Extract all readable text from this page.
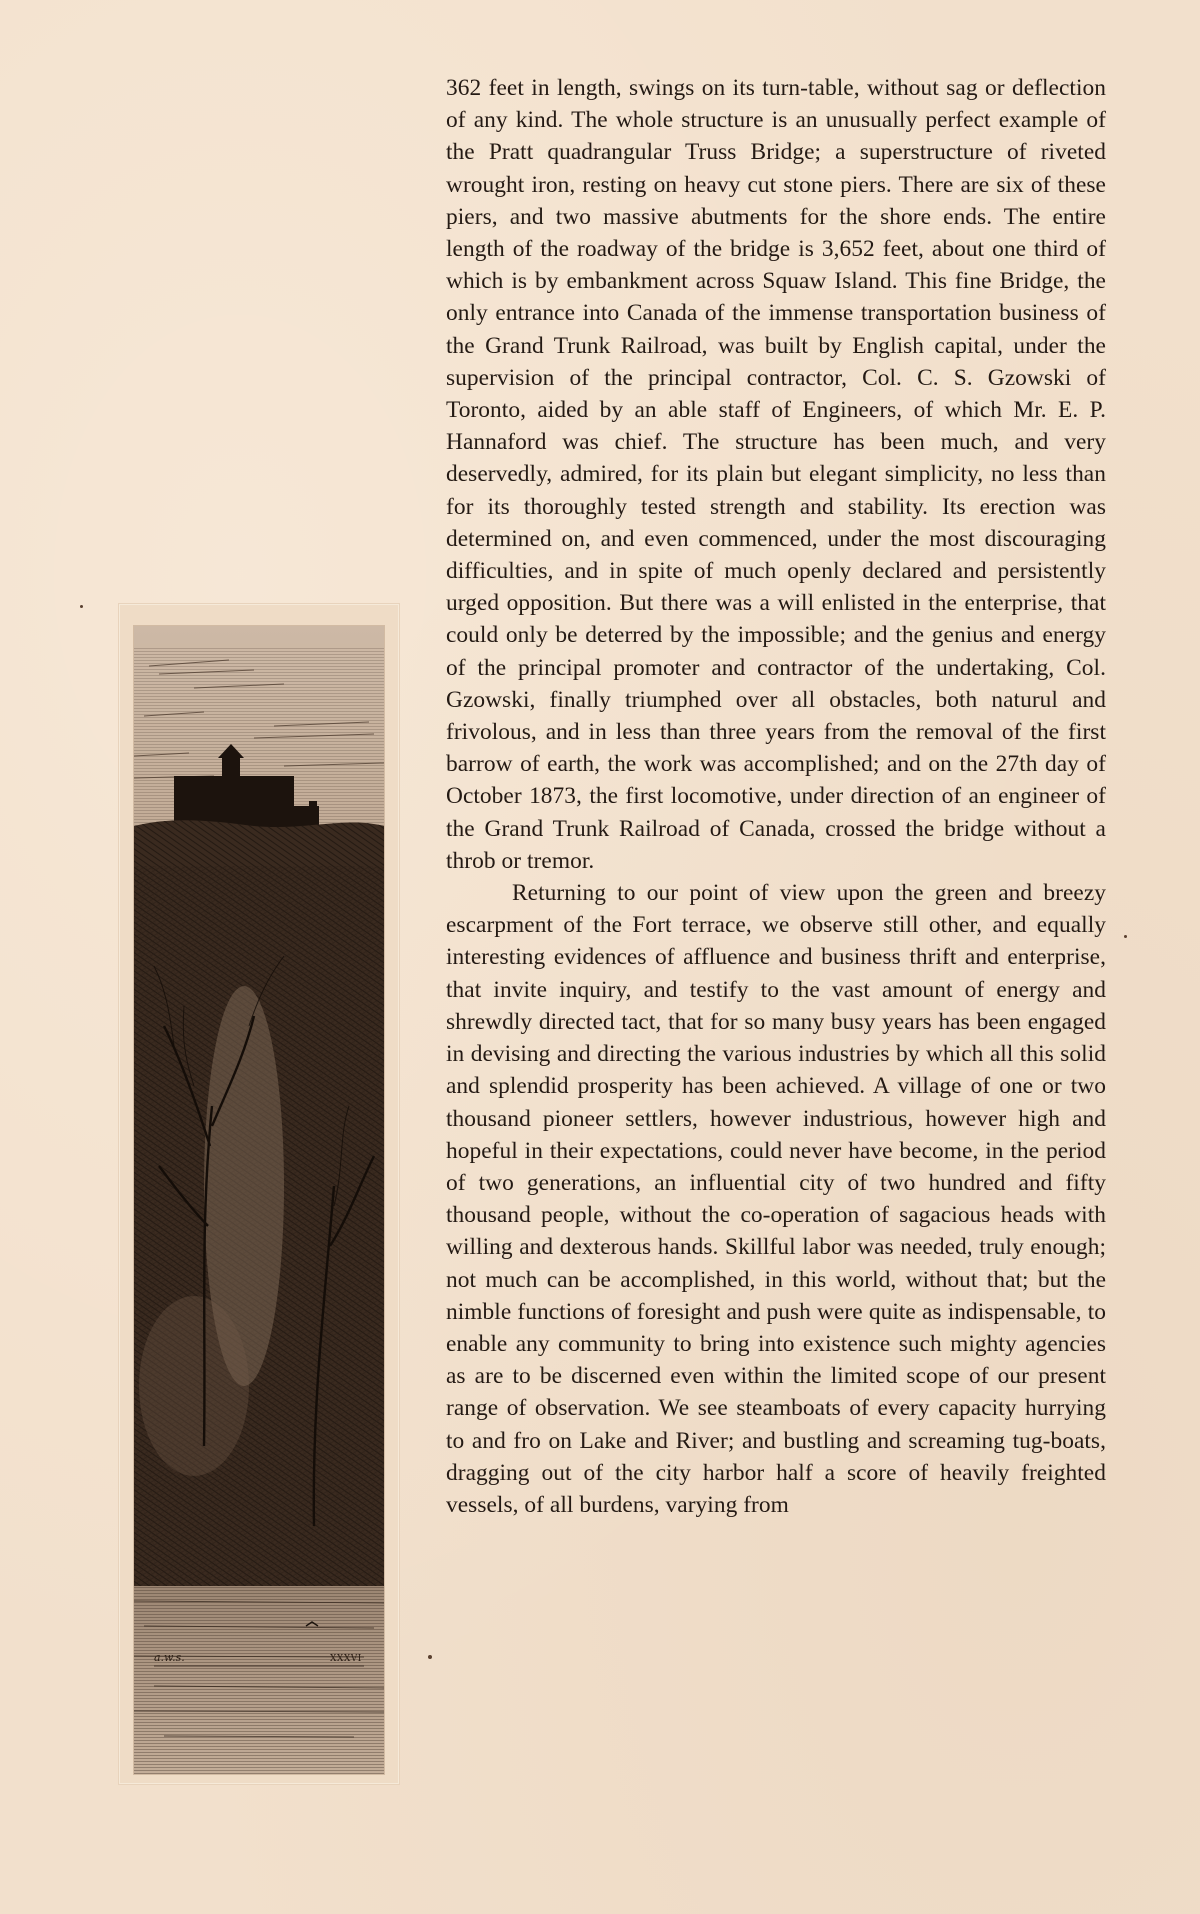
a.w.s.	XXXVI

362 feet in length, swings on its turn-table, without sag or deflection of any kind. The whole structure is an unusually perfect example of the Pratt quadrangular Truss Bridge; a superstructure of riveted wrought iron, resting on heavy cut stone piers. There are six of these piers, and two massive abutments for the shore ends. The entire length of the roadway of the bridge is 3,652 feet, about one third of which is by embankment across Squaw Island. This fine Bridge, the only entrance into Canada of the immense transportation business of the Grand Trunk Railroad, was built by English capital, under the supervision of the principal contractor, Col. C. S. Gzowski of Toronto, aided by an able staff of Engineers, of which Mr. E. P. Hannaford was chief. The structure has been much, and very deservedly, admired, for its plain but elegant simplicity, no less than for its thoroughly tested strength and stability. Its erection was determined on, and even commenced, under the most discouraging difficulties, and in spite of much openly declared and persistently urged opposition. But there was a will enlisted in the enterprise, that could only be deterred by the impossible; and the genius and energy of the principal promoter and contractor of the undertaking, Col. Gzowski, finally triumphed over all obstacles, both naturul and frivolous, and in less than three years from the removal of the first barrow of earth, the work was accomplished; and on the 27th day of October 1873, the first locomotive, under direction of an engineer of the Grand Trunk Railroad of Canada, crossed the bridge without a throb or tremor.

Returning to our point of view upon the green and breezy escarpment of the Fort terrace, we observe still other, and equally interesting evidences of affluence and business thrift and enterprise, that invite inquiry, and testify to the vast amount of energy and shrewdly directed tact, that for so many busy years has been engaged in devising and directing the various industries by which all this solid and splendid prosperity has been achieved. A village of one or two thousand pioneer settlers, however industrious, however high and hopeful in their expectations, could never have become, in the period of two generations, an influential city of two hundred and fifty thousand people, without the co-operation of sagacious heads with willing and dexterous hands. Skillful labor was needed, truly enough; not much can be accomplished, in this world, without that; but the nimble functions of foresight and push were quite as indispensable, to enable any community to bring into existence such mighty agencies as are to be discerned even within the limited scope of our present range of observation. We see steamboats of every capacity hurrying to and fro on Lake and River; and bustling and screaming tug-boats, dragging out of the city harbor half a score of heavily freighted vessels, of all burdens, varying from
